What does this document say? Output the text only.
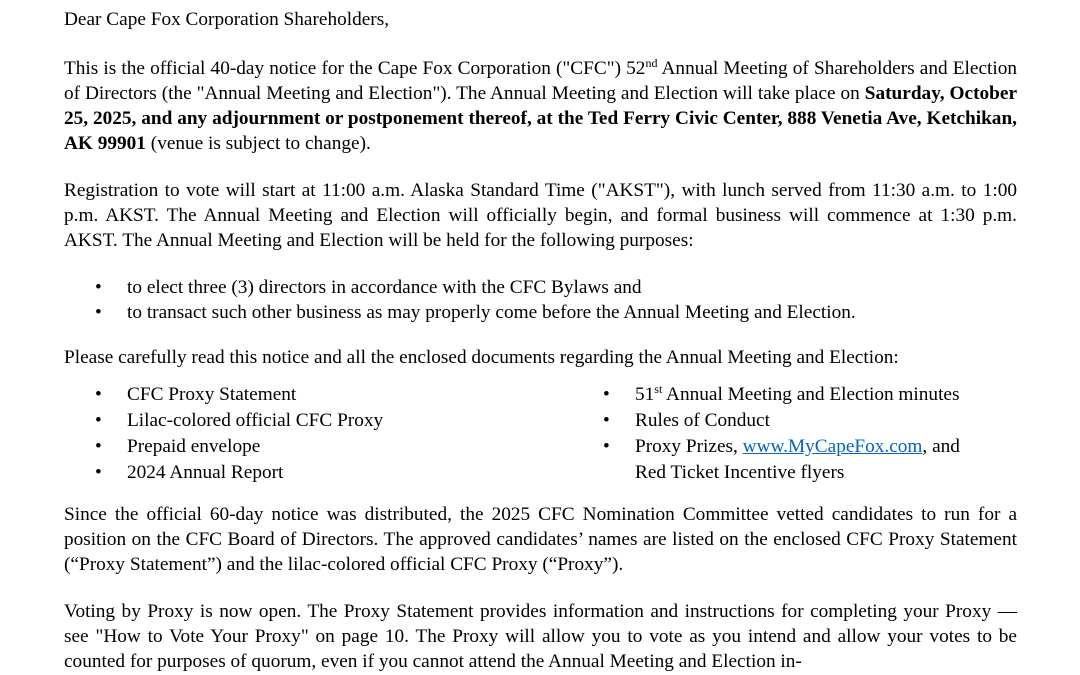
Dear Cape Fox Corporation Shareholders,

This is the official 40-day notice for the Cape Fox Corporation ("CFC") 52nd Annual Meeting of Shareholders and Election of Directors (the "Annual Meeting and Election"). The Annual Meeting and Election will take place on Saturday, October 25, 2025, and any adjournment or postponement thereof, at the Ted Ferry Civic Center, 888 Venetia Ave, Ketchikan, AK 99901 (venue is subject to change).

Registration to vote will start at 11:00 a.m. Alaska Standard Time ("AKST"), with lunch served from 11:30 a.m. to 1:00 p.m. AKST. The Annual Meeting and Election will officially begin, and formal business will commence at 1:30 p.m. AKST. The Annual Meeting and Election will be held for the following purposes:

• to elect three (3) directors in accordance with the CFC Bylaws and
• to transact such other business as may properly come before the Annual Meeting and Election.

Please carefully read this notice and all the enclosed documents regarding the Annual Meeting and Election:

• CFC Proxy Statement
• Lilac-colored official CFC Proxy
• Prepaid envelope
• 2024 Annual Report
• 51st Annual Meeting and Election minutes
• Rules of Conduct
• Proxy Prizes, www.MyCapeFox.com, and
Red Ticket Incentive flyers

Since the official 60-day notice was distributed, the 2025 CFC Nomination Committee vetted candidates to run for a position on the CFC Board of Directors. The approved candidates’ names are listed on the enclosed CFC Proxy Statement (“Proxy Statement”) and the lilac-colored official CFC Proxy (“Proxy”).

Voting by Proxy is now open. The Proxy Statement provides information and instructions for completing your Proxy — see "How to Vote Your Proxy" on page 10. The Proxy will allow you to vote as you intend and allow your votes to be counted for purposes of quorum, even if you cannot attend the Annual Meeting and Election in-
